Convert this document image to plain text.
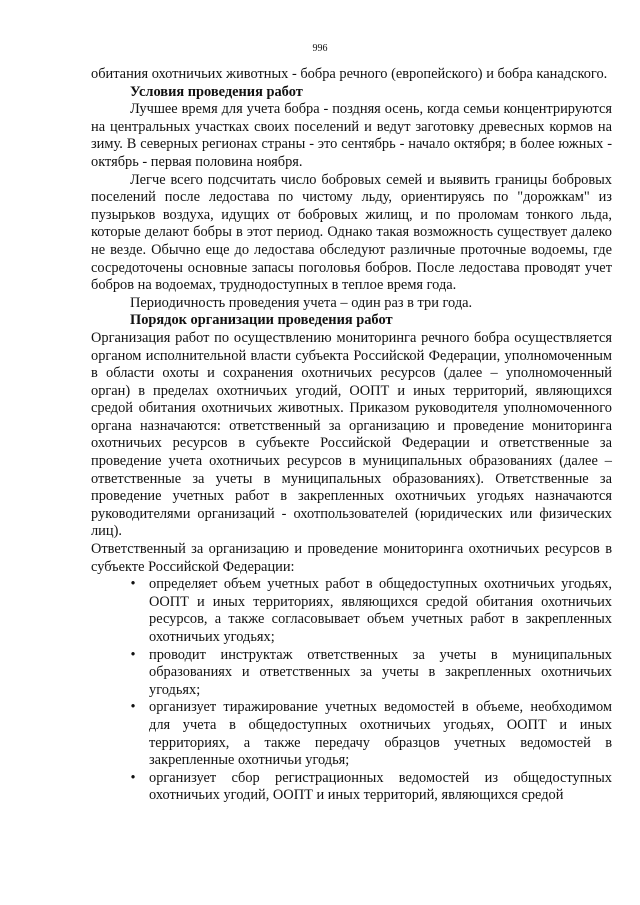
996

обитания охотничьих животных - бобра речного (европейского) и бобра канадского.

Условия проведения работ

Лучшее время для учета бобра - поздняя осень, когда семьи концентрируются на центральных участках своих поселений и ведут заготовку древесных кормов на зиму. В северных регионах страны - это сентябрь - начало октября; в более южных - октябрь - первая половина ноября.

Легче всего подсчитать число бобровых семей и выявить границы бобровых поселений после ледостава по чистому льду, ориентируясь по "дорожкам" из пузырьков воздуха, идущих от бобровых жилищ, и по проломам тонкого льда, которые делают бобры в этот период. Однако такая возможность существует далеко не везде. Обычно еще до ледостава обследуют различные проточные водоемы, где сосредоточены основные запасы поголовья бобров. После ледостава проводят учет бобров на водоемах, труднодоступных в теплое время года.

Периодичность проведения учета – один раз в три года.

Порядок организации проведения работ

Организация работ по осуществлению мониторинга речного бобра осуществляется органом исполнительной власти субъекта Российской Федерации, уполномоченным в области охоты и сохранения охотничьих ресурсов (далее – уполномоченный орган) в пределах охотничьих угодий, ООПТ и иных территорий, являющихся средой обитания охотничьих животных. Приказом руководителя уполномоченного органа назначаются: ответственный за организацию и проведение мониторинга охотничьих ресурсов в субъекте Российской Федерации и ответственные за проведение учета охотничьих ресурсов в муниципальных образованиях (далее – ответственные за учеты в муниципальных образованиях). Ответственные за проведение учетных работ в закрепленных охотничьих угодьях назначаются руководителями организаций - охотпользователей (юридических или физических лиц).

Ответственный за организацию и проведение мониторинга охотничьих ресурсов в субъекте Российской Федерации:

• определяет объем учетных работ в общедоступных охотничьих угодьях, ООПТ и иных территориях, являющихся средой обитания охотничьих ресурсов, а также согласовывает объем учетных работ в закрепленных охотничьих угодьях;
• проводит инструктаж ответственных за учеты в муниципальных образованиях и ответственных за учеты в закрепленных охотничьих угодьях;
• организует тиражирование учетных ведомостей в объеме, необходимом для учета в общедоступных охотничьих угодьях, ООПТ и иных территориях, а также передачу образцов учетных ведомостей в закрепленные охотничьи угодья;
• организует сбор регистрационных ведомостей из общедоступных охотничьих угодий, ООПТ и иных территорий, являющихся средой
